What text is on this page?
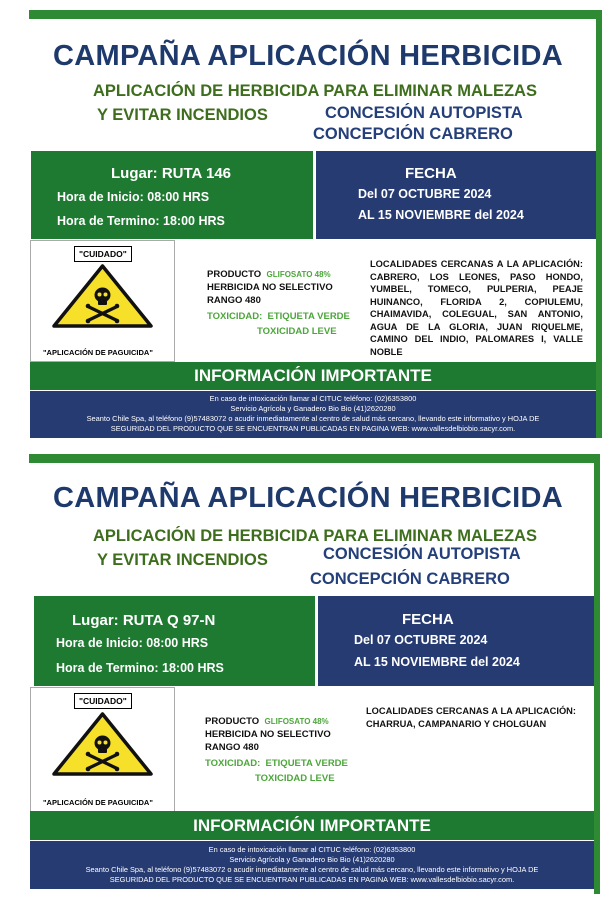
CAMPAÑA APLICACIÓN HERBICIDA
APLICACIÓN DE HERBICIDA PARA ELIMINAR MALEZAS
Y EVITAR INCENDIOS	CONCESIÓN AUTOPISTA
CONCEPCIÓN CABRERO
Lugar: RUTA 146
Hora de Inicio: 08:00 HRS
Hora de Termino: 18:00 HRS
FECHA
Del 07 OCTUBRE 2024
AL 15 NOVIEMBRE del 2024
"CUIDADO"
"APLICACIÓN DE PAGUICIDA"
PRODUCTO GLIFOSATO 48%
HERBICIDA NO SELECTIVO
RANGO 480
TOXICIDAD: ETIQUETA VERDE
TOXICIDAD LEVE
LOCALIDADES CERCANAS A LA APLICACIÓN: CABRERO, LOS LEONES, PASO HONDO, YUMBEL, TOMECO, PULPERIA, PEAJE HUINANCO, FLORIDA 2, COPIULEMU, CHAIMAVIDA, COLEGUAL, SAN ANTONIO, AGUA DE LA GLORIA, JUAN RIQUELME, CAMINO DEL INDIO, PALOMARES I, VALLE NOBLE
INFORMACIÓN IMPORTANTE
En caso de intoxicación llamar al CITUC teléfono: (02)6353800
Servicio Agrícola y Ganadero Bio Bio (41)2620280
Seanto Chile Spa, al teléfono (9)57483072 o acudir inmediatamente al centro de salud más cercano, llevando este informativo y HOJA DE
SEGURIDAD DEL PRODUCTO QUE SE ENCUENTRAN PUBLICADAS EN PAGINA WEB: www.vallesdelbiobio.sacyr.com.
CAMPAÑA APLICACIÓN HERBICIDA
APLICACIÓN DE HERBICIDA PARA ELIMINAR MALEZAS
Y EVITAR INCENDIOS	CONCESIÓN AUTOPISTA
CONCEPCIÓN CABRERO
Lugar: RUTA Q 97-N
Hora de Inicio: 08:00 HRS
Hora de Termino: 18:00 HRS
FECHA
Del 07 OCTUBRE 2024
AL 15 NOVIEMBRE del 2024
"CUIDADO"
"APLICACIÓN DE PAGUICIDA"
PRODUCTO GLIFOSATO 48%
HERBICIDA NO SELECTIVO
RANGO 480
TOXICIDAD: ETIQUETA VERDE
TOXICIDAD LEVE
LOCALIDADES CERCANAS A LA APLICACIÓN: CHARRUA, CAMPANARIO Y CHOLGUAN
INFORMACIÓN IMPORTANTE
En caso de intoxicación llamar al CITUC teléfono: (02)6353800
Servicio Agrícola y Ganadero Bio Bio (41)2620280
Seanto Chile Spa, al teléfono (9)57483072 o acudir inmediatamente al centro de salud más cercano, llevando este informativo y HOJA DE
SEGURIDAD DEL PRODUCTO QUE SE ENCUENTRAN PUBLICADAS EN PAGINA WEB: www.vallesdelbiobio.sacyr.com.
